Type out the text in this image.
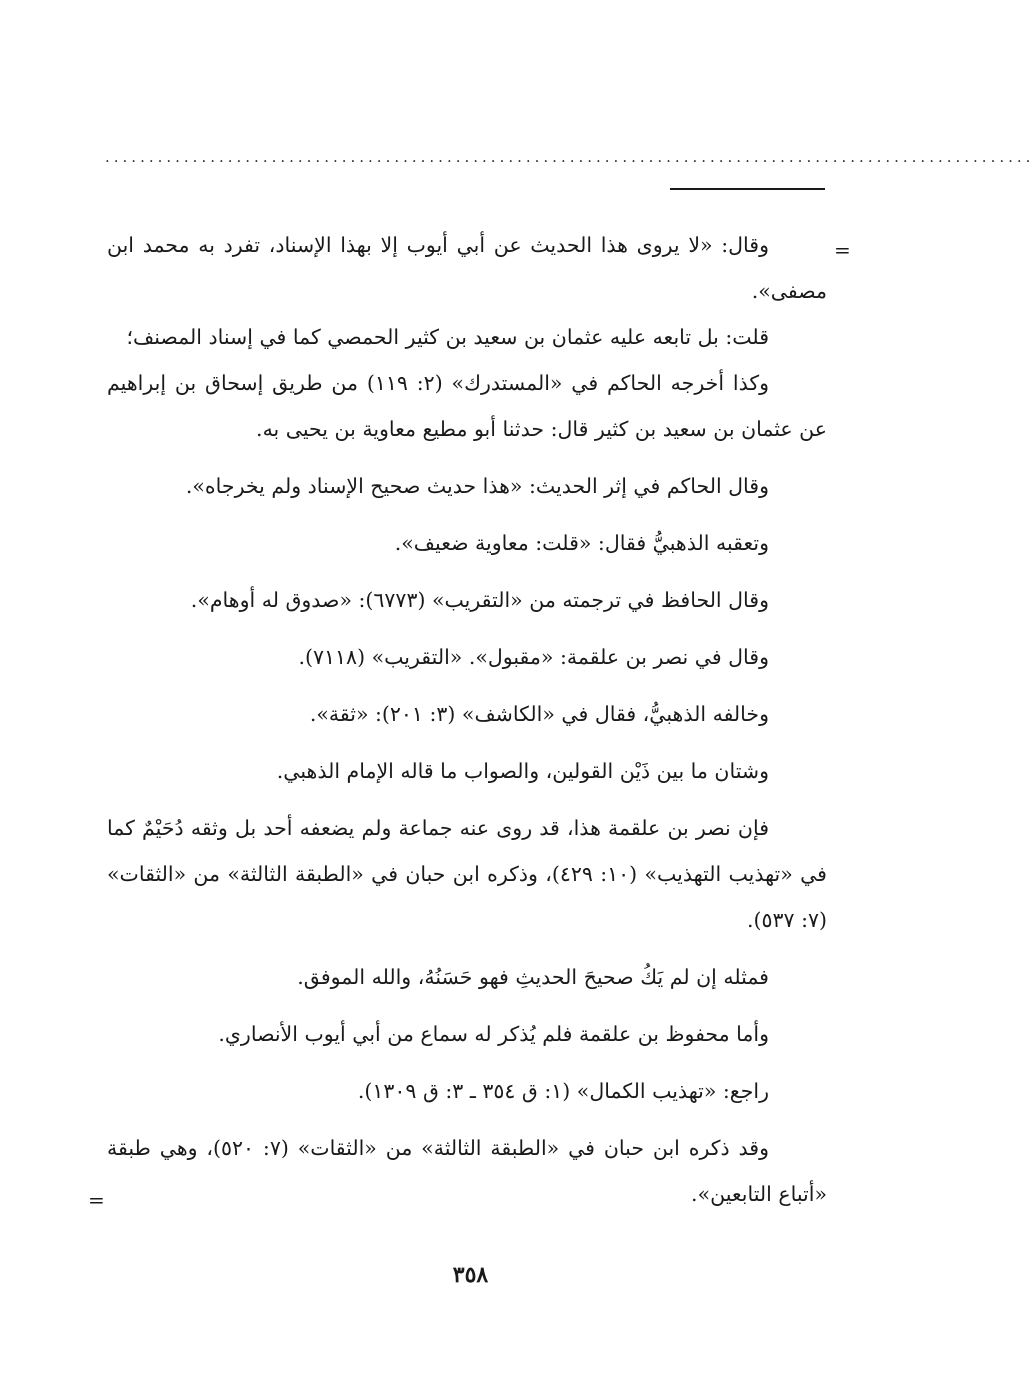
..........................................................................................................
=

وقال: «لا يروى هذا الحديث عن أبي أيوب إلا بهذا الإسناد، تفرد به محمد ابن مصفى».

قلت: بل تابعه عليه عثمان بن سعيد بن كثير الحمصي كما في إسناد المصنف؛

وكذا أخرجه الحاكم في «المستدرك» (٢: ١١٩) من طريق إسحاق بن إبراهيم عن عثمان بن سعيد بن كثير قال: حدثنا أبو مطيع معاوية بن يحيى به.

وقال الحاكم في إثر الحديث: «هذا حديث صحيح الإسناد ولم يخرجاه».

وتعقبه الذهبيُّ فقال: «قلت: معاوية ضعيف».

وقال الحافظ في ترجمته من «التقريب» (٦٧٧٣): «صدوق له أوهام».

وقال في نصر بن علقمة: «مقبول». «التقريب» (٧١١٨).

وخالفه الذهبيُّ، فقال في «الكاشف» (٣: ٢٠١): «ثقة».

وشتان ما بين ذَيْن القولين، والصواب ما قاله الإمام الذهبي.

فإن نصر بن علقمة هذا، قد روى عنه جماعة ولم يضعفه أحد بل وثقه دُحَيْمٌ كما في «تهذيب التهذيب» (١٠: ٤٢٩)، وذكره ابن حبان في «الطبقة الثالثة» من «الثقات» (٧: ٥٣٧).

فمثله إن لم يَكُ صحيحَ الحديثِ فهو حَسَنُهُ، والله الموفق.

وأما محفوظ بن علقمة فلم يُذكر له سماع من أبي أيوب الأنصاري.

راجع: «تهذيب الكمال» (١: ق ٣٥٤ ـ ٣: ق ١٣٠٩).

وقد ذكره ابن حبان في «الطبقة الثالثة» من «الثقات» (٧: ٥٢٠)، وهي طبقة «أتباع التابعين».

=
٣٥٨
